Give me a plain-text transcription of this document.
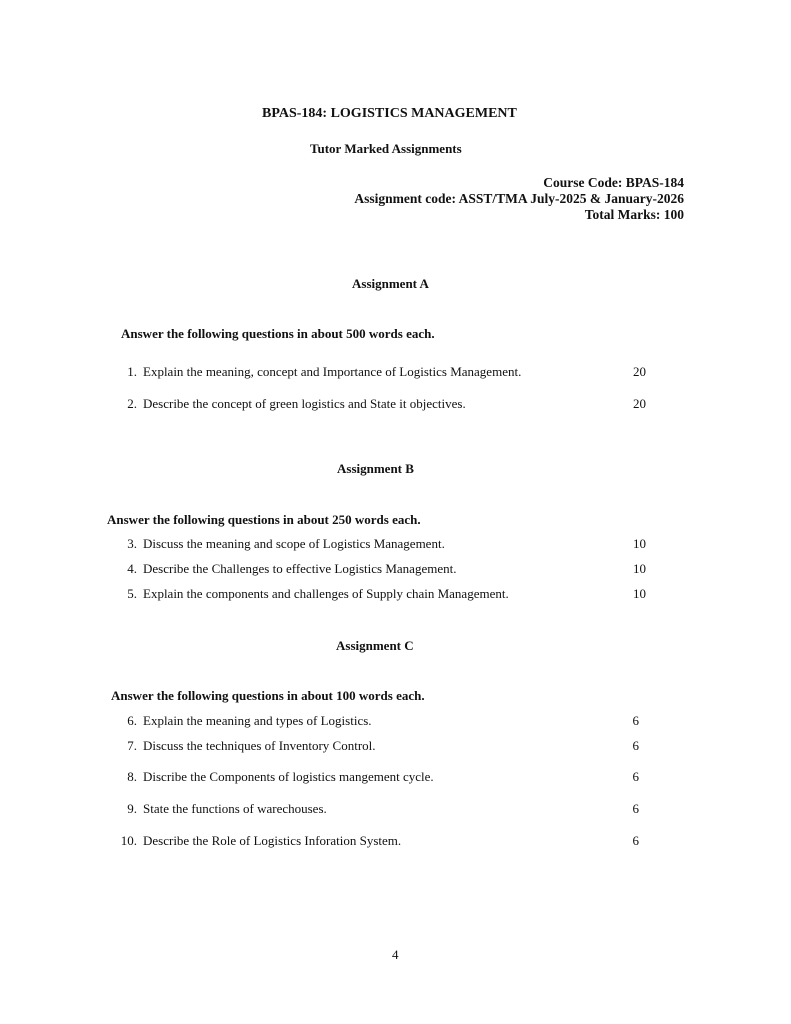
BPAS-184: LOGISTICS MANAGEMENT
Tutor Marked Assignments
Course Code: BPAS-184
Assignment code: ASST/TMA July-2025 & January-2026
Total Marks: 100
Assignment A
Answer the following questions in about 500 words each.
1. Explain the meaning, concept and Importance of Logistics Management.	20
2. Describe the concept of green logistics and State it objectives.	20
Assignment B
Answer the following questions in about 250 words each.
3. Discuss the meaning and scope of Logistics Management.	10
4. Describe the Challenges to effective Logistics Management.	10
5. Explain the components and challenges of Supply chain Management.	10
Assignment C
Answer the following questions in about 100 words each.
6. Explain the meaning and types of Logistics.	6
7. Discuss the techniques of Inventory Control.	6
8. Discribe the Components of logistics mangement cycle.	6
9. State the functions of warechouses.	6
10. Describe the Role of Logistics Inforation System.	6
4
